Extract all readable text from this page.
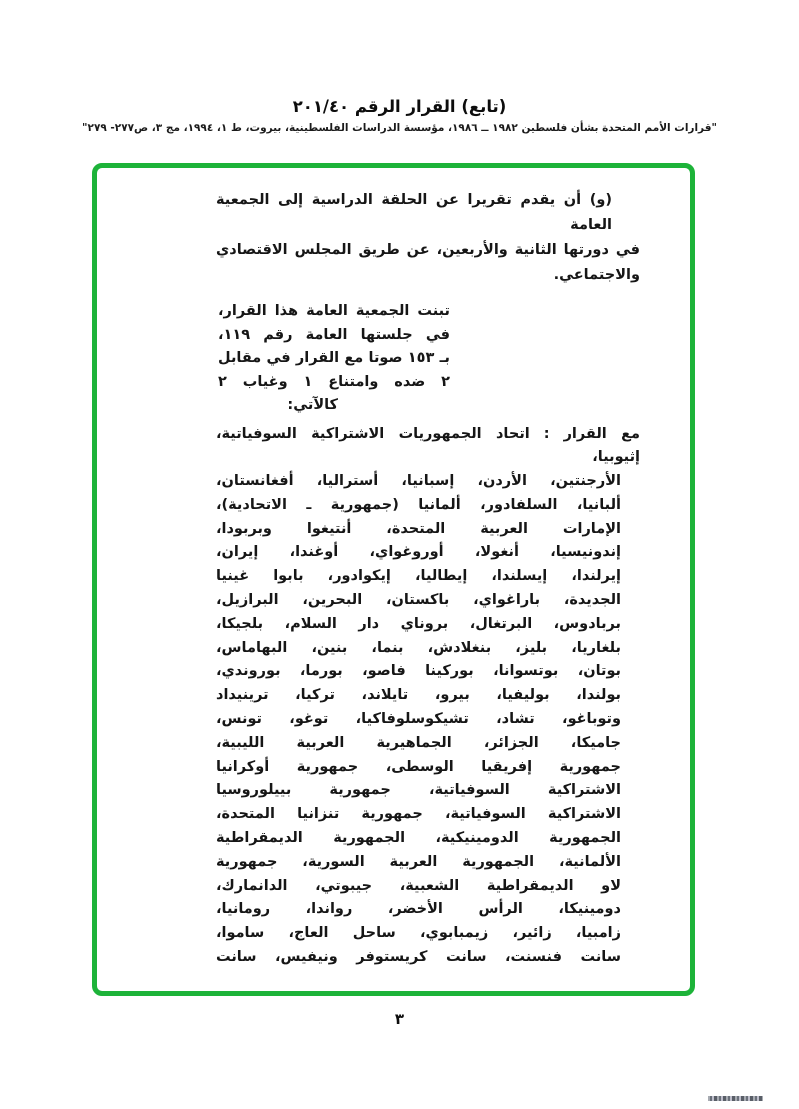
(تابع) القرار الرقم ٢٠١/٤٠
"قرارات الأمم المتحدة بشأن فلسطين ١٩٨٢ ــ ١٩٨٦، مؤسسة الدراسات الفلسطينية، بيروت، ط ١، ١٩٩٤، مج ٣، ص٢٧٧- ٢٧٩"
(و) أن يقدم تقريرا عن الحلقة الدراسية إلى الجمعية العامة
في دورتها الثانية والأربعين، عن طريق المجلس الاقتصادي
والاجتماعي.
تبنت الجمعية العامة هذا القرار،
في جلستها العامة رقم ١١٩،
بـ ١٥٣ صوتا مع القرار في مقابل
٢ ضده وامتناع ١ وغياب ٢
كالآتي:
مع القرار:اتحاد الجمهوريات الاشتراكية السوفياتية، إثيوبيا،
الأرجنتين، الأردن، إسبانيا، أستراليا، أفغانستان،
ألبانيا، السلفادور، ألمانيا (جمهورية ـ الاتحادية)،
الإمارات العربية المتحدة، أنتيغوا وبربودا،
إندونيسيا، أنغولا، أوروغواي، أوغندا، إيران،
إيرلندا، إيسلندا، إيطاليا، إيكوادور، بابوا غينيا
الجديدة، باراغواي، باكستان، البحرين، البرازيل،
بربادوس، البرتغال، بروناي دار السلام، بلجيكا،
بلغاريا، بليز، بنغلادش، بنما، بنين، البهاماس،
بوتان، بوتسوانا، بوركينا فاصو، بورما، بوروندي،
بولندا، بوليفيا، بيرو، تايلاند، تركيا، ترينيداد
وتوباغو، تشاد، تشيكوسلوفاكيا، توغو، تونس،
جاميكا، الجزائر، الجماهيرية العربية الليبية،
جمهورية إفريقيا الوسطى، جمهورية أوكرانيا
الاشتراكية السوفياتية، جمهورية بييلوروسيا
الاشتراكية السوفياتية، جمهورية تنزانيا المتحدة،
الجمهورية الدومينيكية، الجمهورية الديمقراطية
الألمانية، الجمهورية العربية السورية، جمهورية
لاو الديمقراطية الشعبية، جيبوتي، الدانمارك،
دومينيكا، الرأس الأخضر، رواندا، رومانيا،
زامبيا، زائير، زيمبابوي، ساحل العاج، ساموا،
سانت فنسنت، سانت كريستوفر ونيفيس، سانت
٣
